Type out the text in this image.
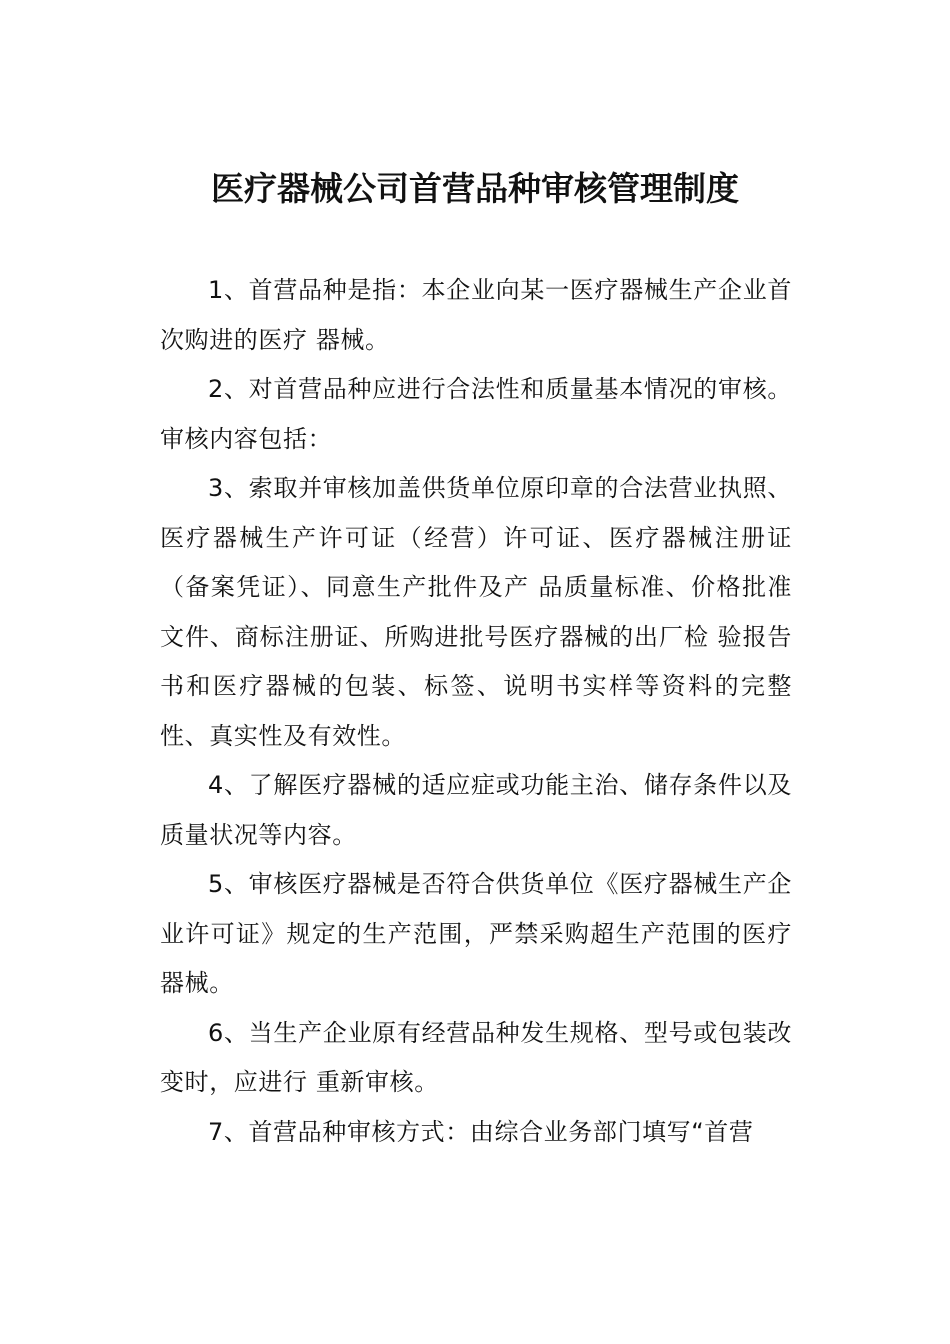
医疗器械公司首营品种审核管理制度

1、首营品种是指：本企业向某一医疗器械生产企业首次购进的医疗 器械。

2、对首营品种应进行合法性和质量基本情况的审核。审核内容包括：

3、索取并审核加盖供货单位原印章的合法营业执照、医疗器械生产许可证（经营）许可证、医疗器械注册证（备案凭证）、同意生产批件及产 品质量标准、价格批准文件、商标注册证、所购进批号医疗器械的出厂检 验报告书和医疗器械的包装、标签、说明书实样等资料的完整性、真实性及有效性。

4、了解医疗器械的适应症或功能主治、储存条件以及质量状况等内容。

5、审核医疗器械是否符合供货单位《医疗器械生产企业许可证》规定的生产范围，严禁采购超生产范围的医疗器械。

6、当生产企业原有经营品种发生规格、型号或包装改变时，应进行 重新审核。

7、首营品种审核方式：由综合业务部门填写“首营
